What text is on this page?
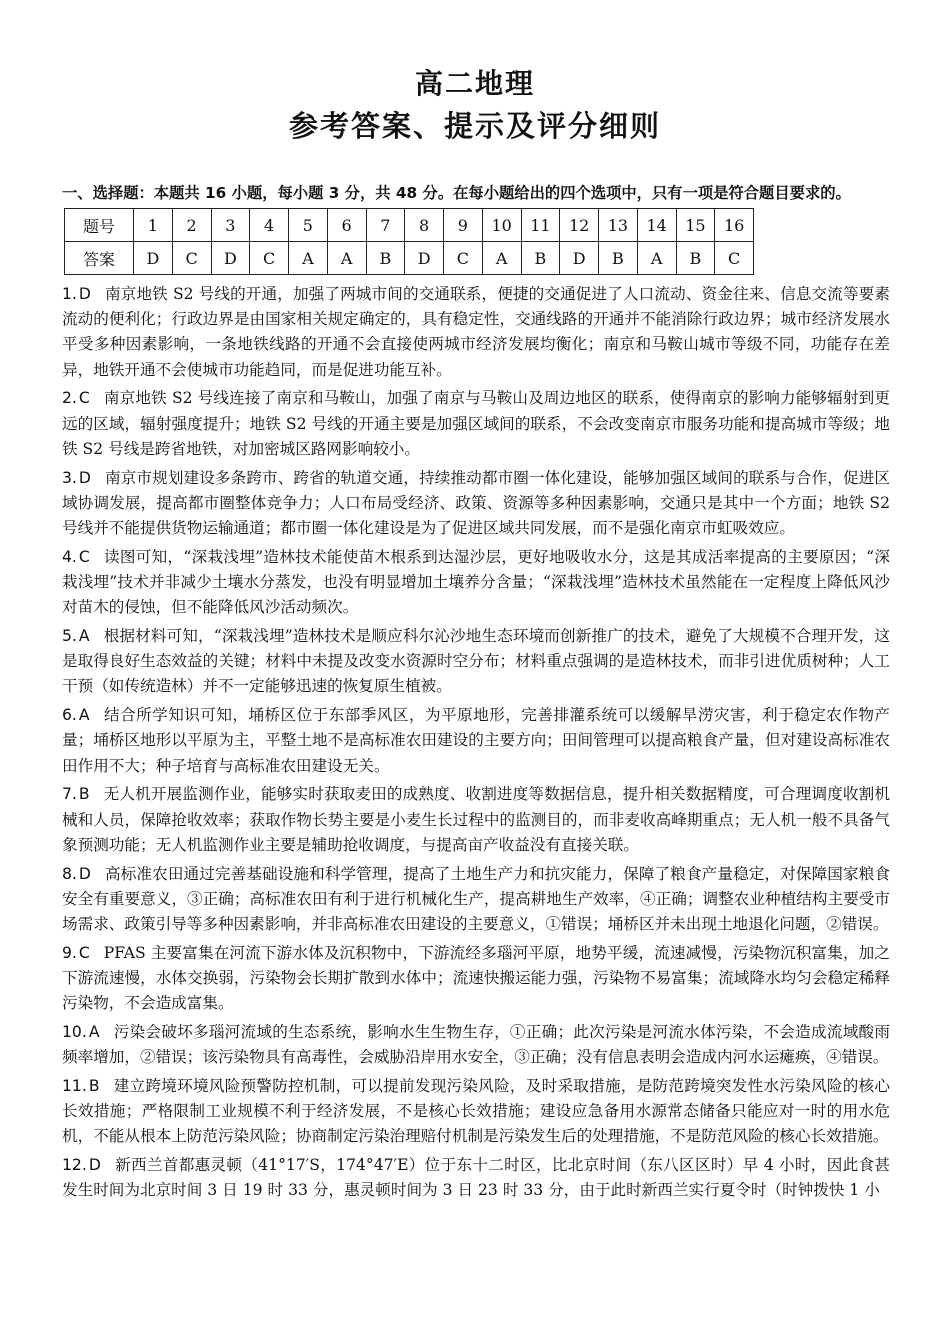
高二地理
参考答案、提示及评分细则
一、选择题：本题共 16 小题，每小题 3 分，共 48 分。在每小题给出的四个选项中，只有一项是符合题目要求的。
题号	1	2	3	4	5	6	7	8	9	10	11	12	13	14	15	16
答案	D	C	D	C	A	A	B	D	C	A	B	D	B	A	B	C

1. D 南京地铁 S2 号线的开通，加强了两城市间的交通联系，便捷的交通促进了人口流动、资金往来、信息交流等要素流动的便利化；行政边界是由国家相关规定确定的，具有稳定性，交通线路的开通并不能消除行政边界；城市经济发展水平受多种因素影响，一条地铁线路的开通不会直接使两城市经济发展均衡化；南京和马鞍山城市等级不同，功能存在差异，地铁开通不会使城市功能趋同，而是促进功能互补。

2. C 南京地铁 S2 号线连接了南京和马鞍山，加强了南京与马鞍山及周边地区的联系，使得南京的影响力能够辐射到更远的区域，辐射强度提升；地铁 S2 号线的开通主要是加强区域间的联系，不会改变南京市服务功能和提高城市等级；地铁 S2 号线是跨省地铁，对加密城区路网影响较小。

3. D 南京市规划建设多条跨市、跨省的轨道交通，持续推动都市圈一体化建设，能够加强区域间的联系与合作，促进区域协调发展，提高都市圈整体竞争力；人口布局受经济、政策、资源等多种因素影响，交通只是其中一个方面；地铁 S2 号线并不能提供货物运输通道；都市圈一体化建设是为了促进区域共同发展，而不是强化南京市虹吸效应。

4. C 读图可知，“深栽浅埋”造林技术能使苗木根系到达湿沙层，更好地吸收水分，这是其成活率提高的主要原因；“深栽浅埋”技术并非减少土壤水分蒸发，也没有明显增加土壤养分含量；“深栽浅埋”造林技术虽然能在一定程度上降低风沙对苗木的侵蚀，但不能降低风沙活动频次。

5. A 根据材料可知，“深栽浅埋”造林技术是顺应科尔沁沙地生态环境而创新推广的技术，避免了大规模不合理开发，这是取得良好生态效益的关键；材料中未提及改变水资源时空分布；材料重点强调的是造林技术，而非引进优质树种；人工干预（如传统造林）并不一定能够迅速的恢复原生植被。

6. A 结合所学知识可知，埇桥区位于东部季风区，为平原地形，完善排灌系统可以缓解旱涝灾害，利于稳定农作物产量；埇桥区地形以平原为主，平整土地不是高标准农田建设的主要方向；田间管理可以提高粮食产量，但对建设高标准农田作用不大；种子培育与高标准农田建设无关。

7. B 无人机开展监测作业，能够实时获取麦田的成熟度、收割进度等数据信息，提升相关数据精度，可合理调度收割机械和人员，保障抢收效率；获取作物长势主要是小麦生长过程中的监测目的，而非麦收高峰期重点；无人机一般不具备气象预测功能；无人机监测作业主要是辅助抢收调度，与提高亩产收益没有直接关联。

8. D 高标准农田通过完善基础设施和科学管理，提高了土地生产力和抗灾能力，保障了粮食产量稳定，对保障国家粮食安全有重要意义，③正确；高标准农田有利于进行机械化生产，提高耕地生产效率，④正确；调整农业种植结构主要受市场需求、政策引导等多种因素影响，并非高标准农田建设的主要意义，①错误；埇桥区并未出现土地退化问题，②错误。

9. C PFAS 主要富集在河流下游水体及沉积物中，下游流经多瑙河平原，地势平缓，流速减慢，污染物沉积富集，加之下游流速慢，水体交换弱，污染物会长期扩散到水体中；流速快搬运能力强，污染物不易富集；流域降水均匀会稳定稀释污染物，不会造成富集。

10. A 污染会破坏多瑙河流域的生态系统，影响水生生物生存，①正确；此次污染是河流水体污染，不会造成流域酸雨频率增加，②错误；该污染物具有高毒性，会威胁沿岸用水安全，③正确；没有信息表明会造成内河水运瘫痪，④错误。

11. B 建立跨境环境风险预警防控机制，可以提前发现污染风险，及时采取措施，是防范跨境突发性水污染风险的核心长效措施；严格限制工业规模不利于经济发展，不是核心长效措施；建设应急备用水源常态储备只能应对一时的用水危机，不能从根本上防范污染风险；协商制定污染治理赔付机制是污染发生后的处理措施，不是防范风险的核心长效措施。

12. D 新西兰首都惠灵顿（41°17′S，174°47′E）位于东十二时区，比北京时间（东八区区时）早 4 小时，因此食甚发生时间为北京时间 3 日 19 时 33 分，惠灵顿时间为 3 日 23 时 33 分，由于此时新西兰实行夏令时（时钟拨快 1 小
